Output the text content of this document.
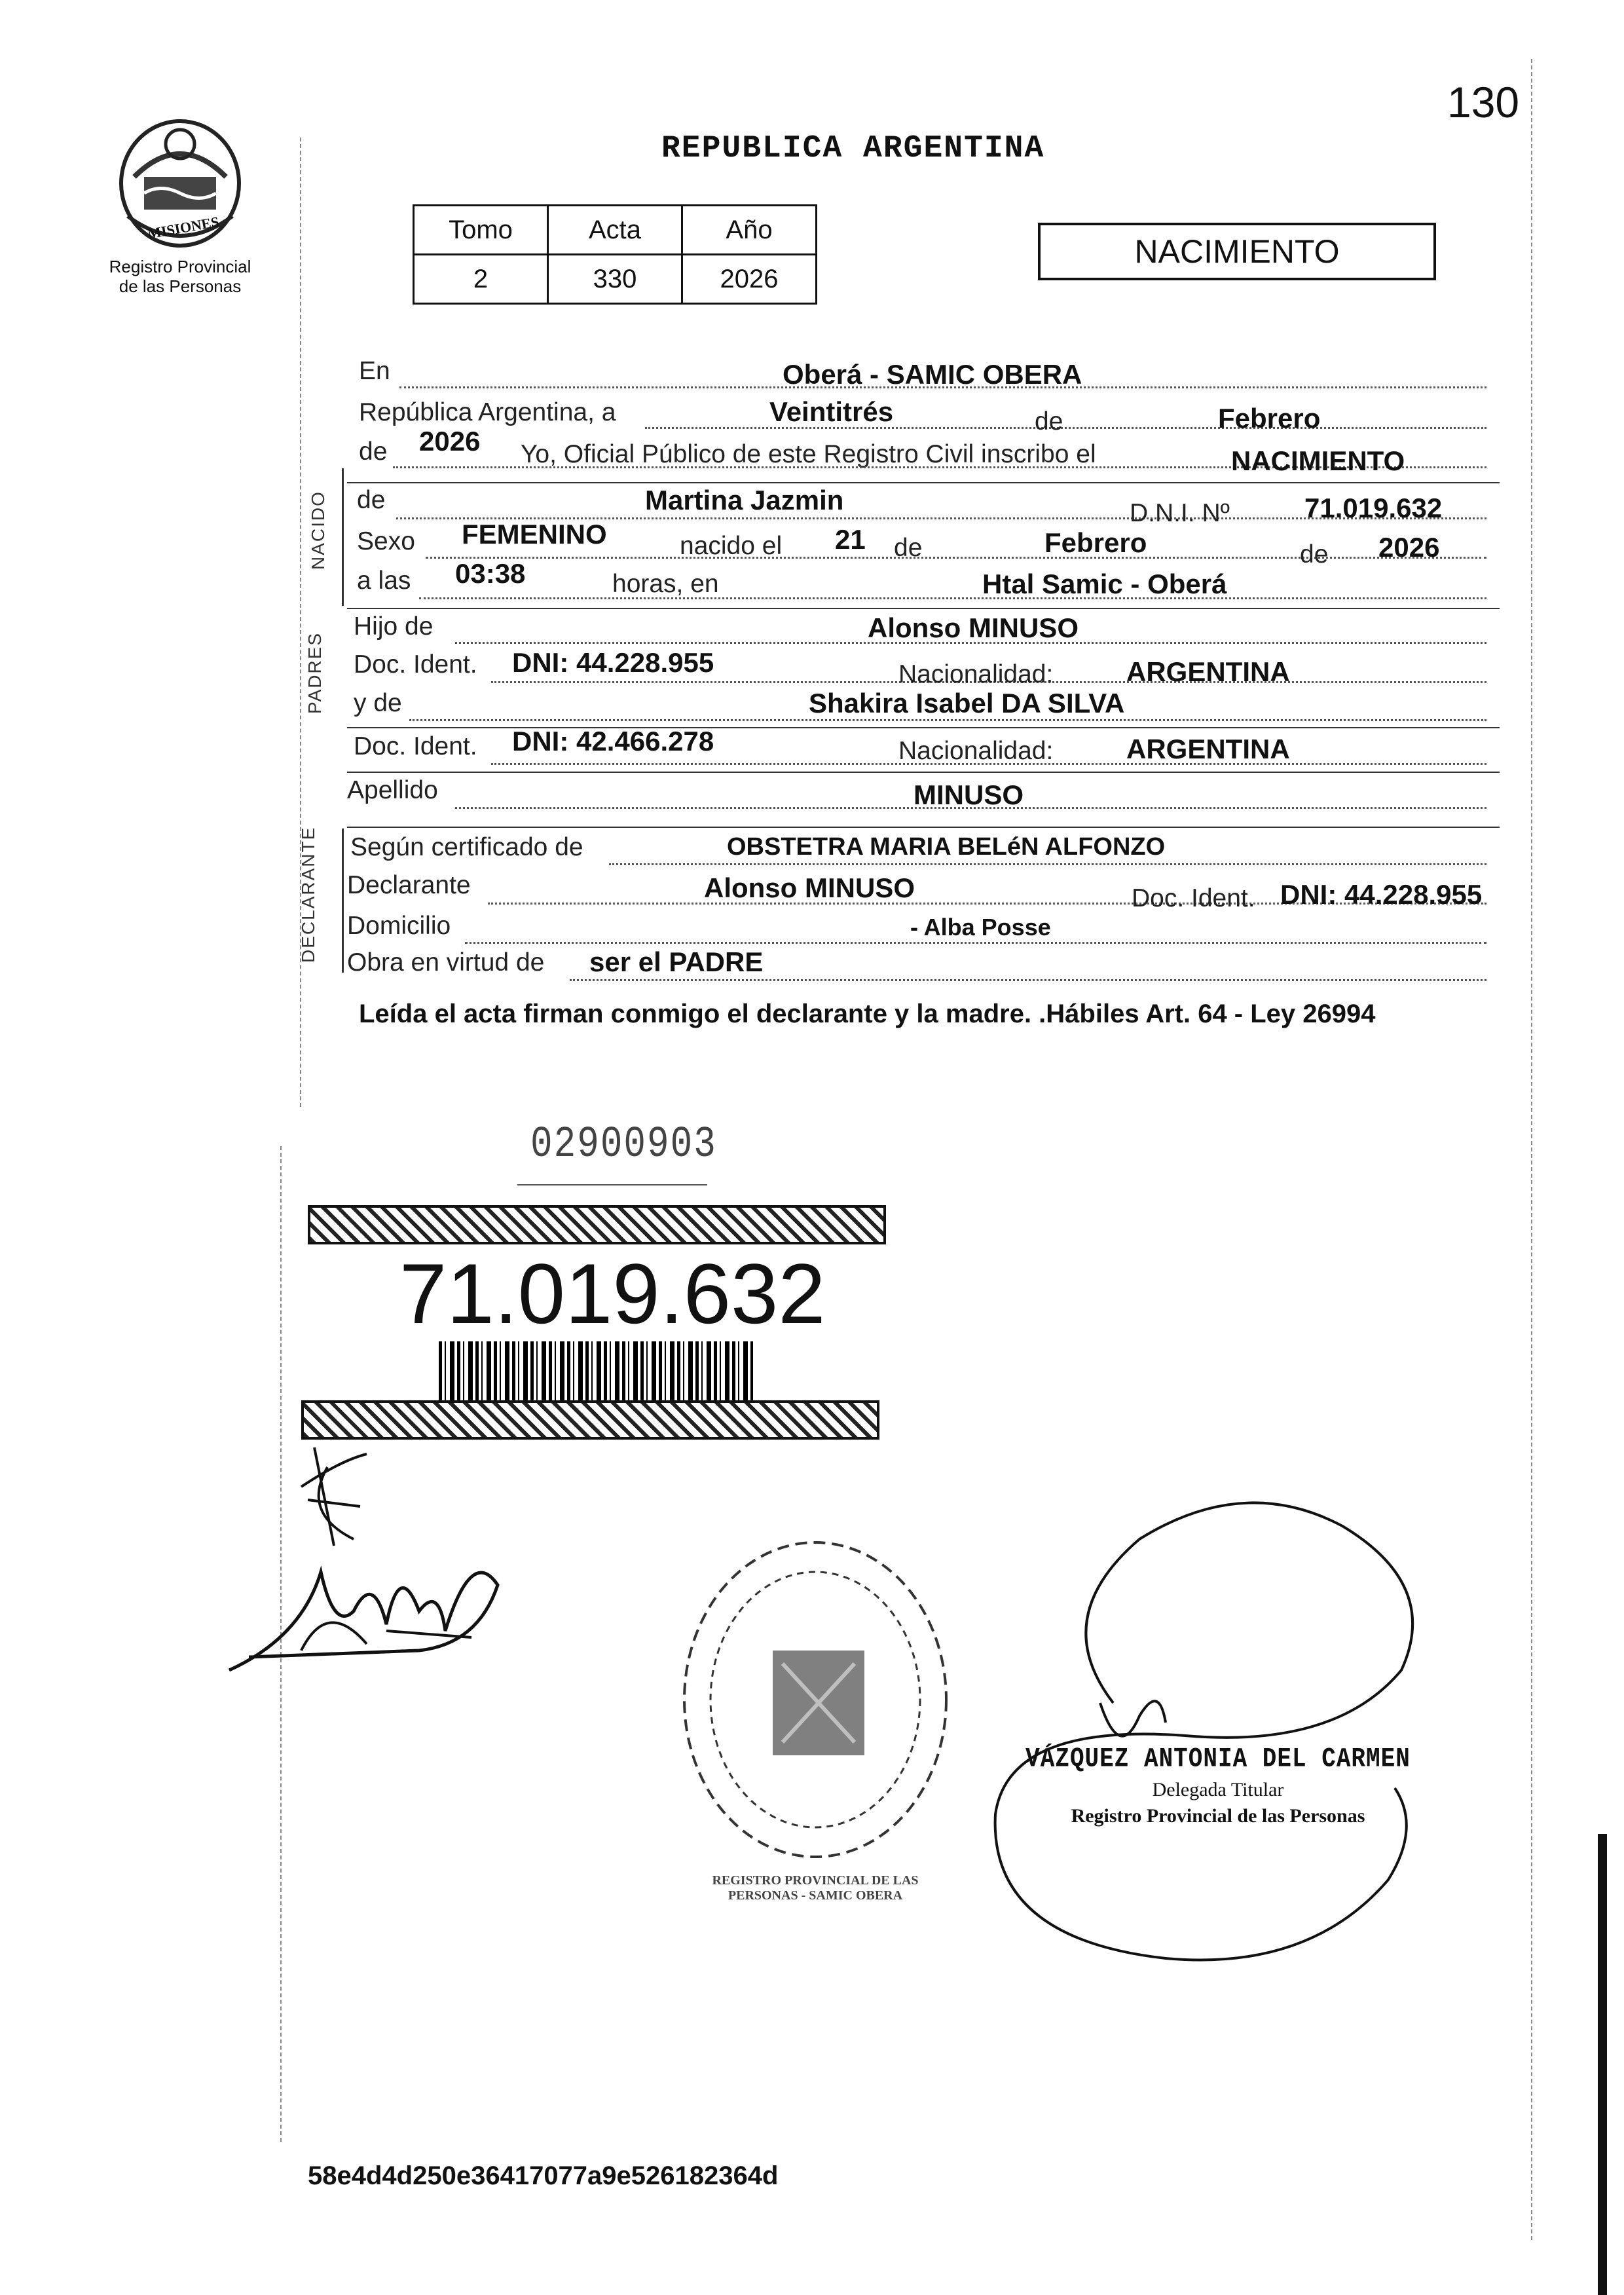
130
MISIONES
Registro Provincial
de las Personas
REPUBLICA ARGENTINA
Tomo	Acta	Año
2	330	2026
NACIMIENTO
NACIDO
PADRES
DECLARANTE
En	Oberá - SAMIC OBERA
República Argentina, a	Veintitrés	de	Febrero
de 2026 Yo, Oficial Público de este Registro Civil inscribo el	NACIMIENTO
de	Martina Jazmin	D.N.I. Nº	71.019.632
Sexo FEMENINO	nacido el 21 de	Febrero	de 2026
a las 03:38	horas, en	Htal Samic - Oberá
Hijo de	Alonso MINUSO
Doc. Ident. DNI: 44.228.955	Nacionalidad:	ARGENTINA
y de	Shakira Isabel DA SILVA
Doc. Ident. DNI: 42.466.278	Nacionalidad:	ARGENTINA
Apellido	MINUSO
Según certificado de	OBSTETRA MARIA BELéN ALFONZO
Declarante	Alonso MINUSO	Doc. Ident. DNI: 44.228.955
Domicilio	- Alba Posse
Obra en virtud de ser el PADRE
Leída el acta firman conmigo el declarante y la madre. .Hábiles Art. 64 - Ley 26994
02900903
71.019.632
REGISTRO PROVINCIAL DE LAS PERSONAS - SAMIC OBERA
VÁZQUEZ ANTONIA DEL CARMEN
Delegada Titular
Registro Provincial de las Personas
58e4d4d250e36417077a9e526182364d
